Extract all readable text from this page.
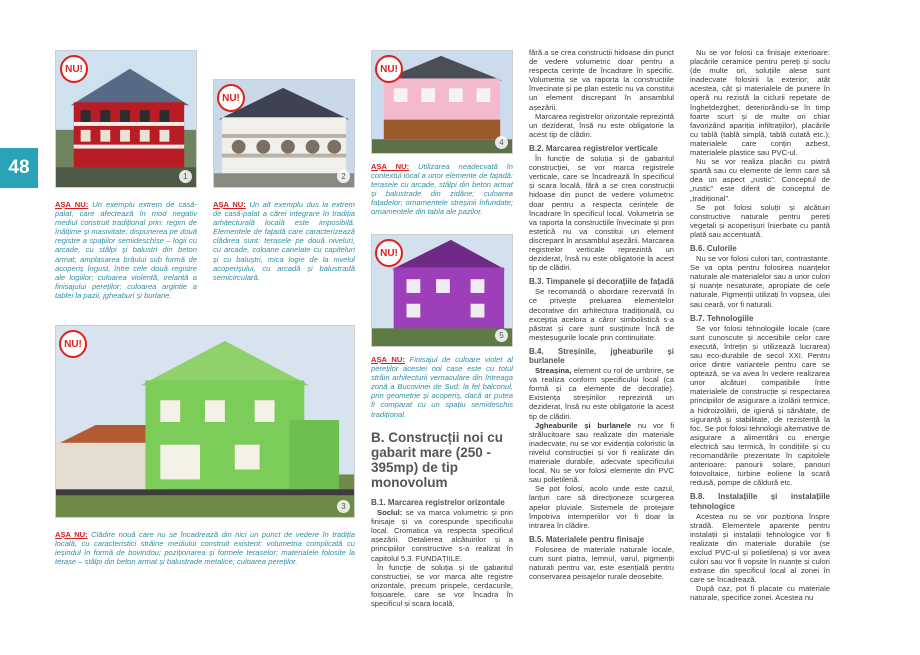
48	1
NU!
2
NU!
3
NU!
4
NU!
5
NU!
AȘA NU: Un exemplu extrem de casă-palat, care afectează în mod negativ mediul construit tradițional prin: regim de înălțime și masivitate; dispunerea pe două registre a spațiilor semideschise – logii cu arcade, cu stâlpi și balustri din beton armat; amplasarea brâului sub formă de acoperiș îngust, între cele două registre ale logiilor; culoarea violentă, irelantă a finisajului pereților; culoarea argintie a tablei la pazii, jgheaburi și burlane.
AȘA NU: Un alt exemplu dus la extrem de casă-palat a cărei integrare în tradiția arhitecturală locală este imposibilă. Elementele de fațadă care caracterizează clădirea sunt: terasele pe două niveluri, cu arcade, coloane canelate cu capiteluri și cu baluștri, mica logie de la nivelul acoperișului, cu arcadă și balustradă semicirculară.
AȘA NU: Clădire nouă care nu se încadrează din nici un punct de vedere în tradiția locală, cu caracteristici străine mediului construit existent: volumetria complicată cu ieșindul în formă de bovindou; poziționarea și formele teraselor; materialele folosite la terase – stâlpi din beton armat și balustrade metalice; culoarea pereților.
AȘA NU: Utilizarea neadecvată în contextul local a unor elemente de fațadă: terasele cu arcade, stâlpi din beton armat și balustrade din zidărie; culoarea fațadelor; ornamentele streșinii înfundate; ornamentele din tabla ale pazilor.
AȘA NU: Finisajul de culoare violet al pereților acestei noi case este cu totul străin arhitecturii vernaculare din întreaga zonă a Bucovinei de Sud; la fel balconul, prin geometrie și acoperiș, dacă ar putea fi comparat cu un spațiu semideschis tradițional.
B. Construcții noi cu gabarit mare (250 - 395mp) de tip monovolum
B.1. Marcarea registrelor orizontale

Soclul: se va marca volumetric și prin finisaje și va corespunde specificului local. Cromatica va respecta specificul așezării. Detalierea alcătuirilor și a principiilor constructive s-a realizat în capitolul 5.3. FUNDAȚIILE.

În funcție de soluția și de gabaritul construcției, se vor marca alte registre orizontale, precum prispele, cerdacurile, foișoarele, care se vor încadra în specificul și scara locală,

fără a se crea construcții hidoase din punct de vedere volumetric doar pentru a respecta cerințe de încadrare în specific. Volumetria se va raporta la construcțiile învecinate și pe plan estetic nu va constitui un element discrepant în ansamblul așezării.

Marcarea registrelor orizontale reprezintă un deziderat, însă nu este obligatorie la acest tip de clădiri.

B.2. Marcarea registrelor verticale

În funcție de soluția și de gabaritul construcției, se vor marca registrele verticale, care se încadrează în specificul și scara locală, fără a se crea construcții hidoase din punct de vedere volumetric doar pentru a respecta cerințele de încadrare în specificul local. Volumetria se va raporta la construcțiile învecinate și prin estetică nu va constitui un element discrepant în ansamblul așezării. Marcarea registrelor verticale reprezintă un deziderat, însă nu este obligatorie la acest tip de clădiri.

B.3. Timpanele și decorațiile de fațadă

Se recomandă o abordare rezervată în ce privește preluarea elementelor decorative din arhitectura tradițională, cu excepția acelora a căror simbolistică s-a păstrat și care sunt susținute încă de meșteșugurile locale prin continuitate.

B.4. Streșinile, jgheaburile și burlanele

Streașina, element cu rol de umbrire, se va realiza conform specificului local (ca formă și ca elemente de decorație). Existența streșinilor reprezintă un deziderat, însă nu este obligatorie la acest tip de clădiri.

Jgheaburile și burlanele nu vor fi strălucitoare sau realizate din materiale inadecvate, nu se vor evidenția coloristic la nivelul construcției și vor fi realizate din materiale durabile, adecvate specificului local. Nu se vor folosi elemente din PVC sau polietilenă.

Se pot folosi, acolo unde este cazul, lanțuri care să direcționeze scurgerea apelor pluviale. Sistemele de protejare împotriva intemperiilor vor fi doar la intrarea în clădire.

B.5. Materialele pentru finisaje

Folosirea de materiale naturale locale, cum sunt piatra, lemnul, varul, pigmenții naturali pentru var, este esențială pentru conservarea peisajelor rurale deosebite.

Nu se vor folosi ca finisaje exterioare: placările ceramice pentru pereți și soclu (de multe ori, soluțiile alese sunt inadecvate folosirii la exterior; atât acestea, cât și materialele de punere în operă nu rezistă la ciclurii repetate de înghețdezghet, deteriorându-se în timp foarte scurt și de multe ori chiar favorizând apariția infiltrațiilor), placările cu tablă (tablă simplă, tablă cutată etc.); materialele care conțin azbest, materialele plastice sau PVC-ul.

Nu se vor realiza placări cu piatră spartă sau cu elemente de lemn care să dea un aspect „rustic”. Conceptul de „rustic” este diferit de conceptul de „tradițional”.

Se pot folosi soluții și alcătuiri constructive naturale pentru pereți vegetali și acoperișuri înierbate cu pantă plată sau accentuată.

B.6. Culorile

Nu se vor folosi culori tari, contrastante. Se va opta pentru folosirea nuanțelor naturale ale materialelor sau a unor culori și nuanțe nesaturate, apropiate de cele naturale. Pigmenții utilizați în vopsea, ulei sau ceară, vor fi naturali.

B.7. Tehnologiile

Se vor folosi tehnologiile locale (care sunt cunoscute și accesibile celor care execută, întrețin și utilizează lucrarea) sau eco-durabile de secol XXI. Pentru orice dintre variantele pentru care se optează, se va avea în vedere realizarea unor alcătuiri compatibile între materialele de construcție și respectarea principiilor de asigurare a izolării termice, a hidroizolării, de igienă și sănătate, de siguranță și stabilitate, de rezistență la foc. Se pot folosi tehnologii alternative de asigurare a alimentării cu energie electrică sau termică, în condițiile și cu recomandările prezentate în capitolele anterioare: panourii solare, panouri fotovoltaice, turbine eoliene la scară redusă, pompe de căldură etc.

B.8. Instalațiile și instalațiile tehnologice

Acestea nu se vor poziționa înspre stradă. Elementele aparente pentru instalații și instalații tehnologice vor fi realizate din materiale durabile (se exclud PVC-ul și polietilena) și vor avea culori sau vor fi vopsite în nuanțe și culori extrase din specificul local al zonei în care se încadrează.

După caz, pot fi placate cu materiale naturale, specifice zonei. Acestea nu
